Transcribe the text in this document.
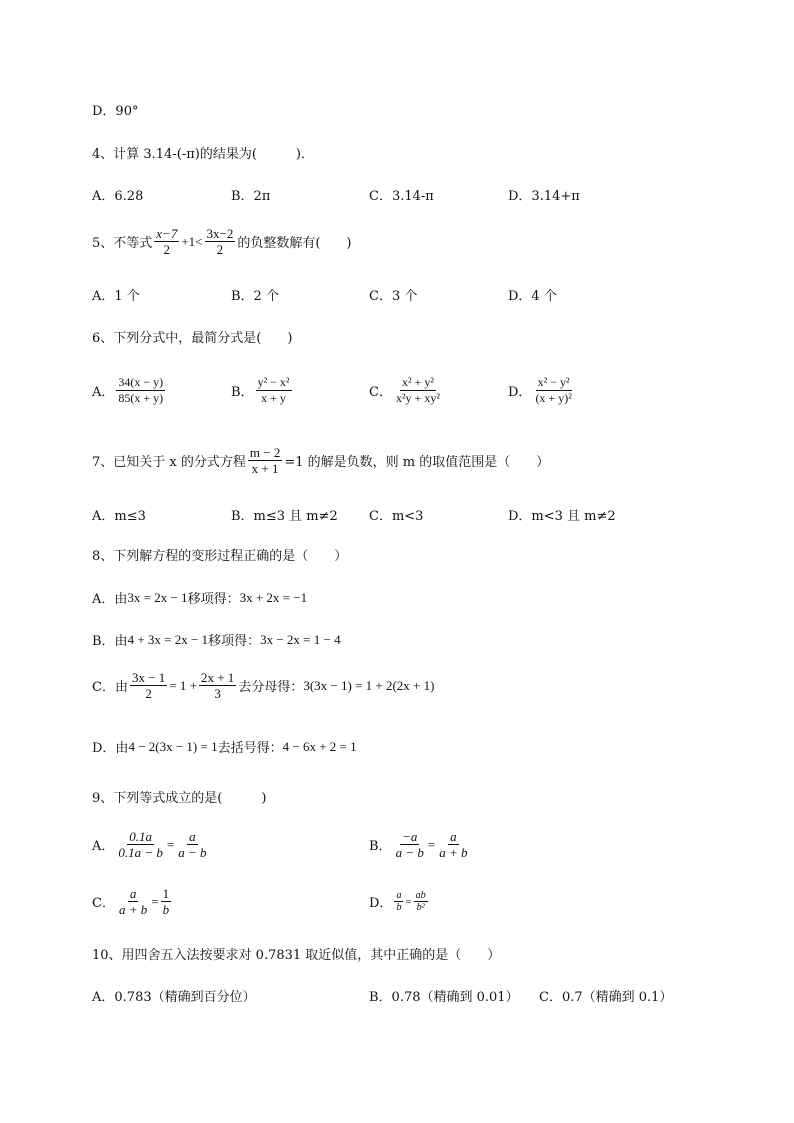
D．90°
4、计算 3.14-(-π)的结果为(　　　)．
A．6.28	B．2π	C．3.14-π	D．3.14+π
5、不等式 $\frac{x-7}{2} +1< \frac{3x-2}{2}$ 的负整数解有(　　)
A．1 个	B．2 个	C．3 个	D．4 个
6、下列分式中，最简分式是(　　)
A． $\frac{34(x - y)}{85(x + y)}$	B． $\frac{\text{y² − x²}}{x + y}$	C． $\frac{\text{x² + y²}}{\text{x²y + xy²}}$	D． $\frac{\text{x² − y²}}{\text{(x + y)²}}$
7、已知关于 x 的分式方程 $\frac{m - 2}{x + 1} =1$ 的解是负数，则 m 的取值范围是（　　）
A．m≤3	B．m≤3 且 m≠2 C．m<3	D．m<3 且 m≠2
8、下列解方程的变形过程正确的是（　　）
A．由 3x = 2x − 1 移项得： 3x + 2x = −1
B．由 4 + 3x = 2x − 1 移项得： 3x − 2x = 1 − 4
C．由 $\frac{3x - 1}{2} = 1 + \frac{2x + 1}{3}$ 去分母得： 3(3x − 1) = 1 + 2(2x + 1)
D．由 4 − 2(3x − 1) = 1 去括号得： 4 − 6x + 2 = 1
9、下列等式成立的是(　　　)
A． $\frac{0.1a}{0.1a - b} = \frac{a}{a - b}$	B． $\frac{-a}{a - b} = \frac{a}{a + b}$
C． $\frac{a}{a + b} = \frac{1}{b}$	D． $\frac{a}{b} = \frac{ab}{\text{b²}}$
10、用四舍五入法按要求对 0.7831 取近似值，其中正确的是（　　）
A．0.783（精确到百分位）	B．0.78（精确到 0.01） C．0.7（精确到 0.1）
